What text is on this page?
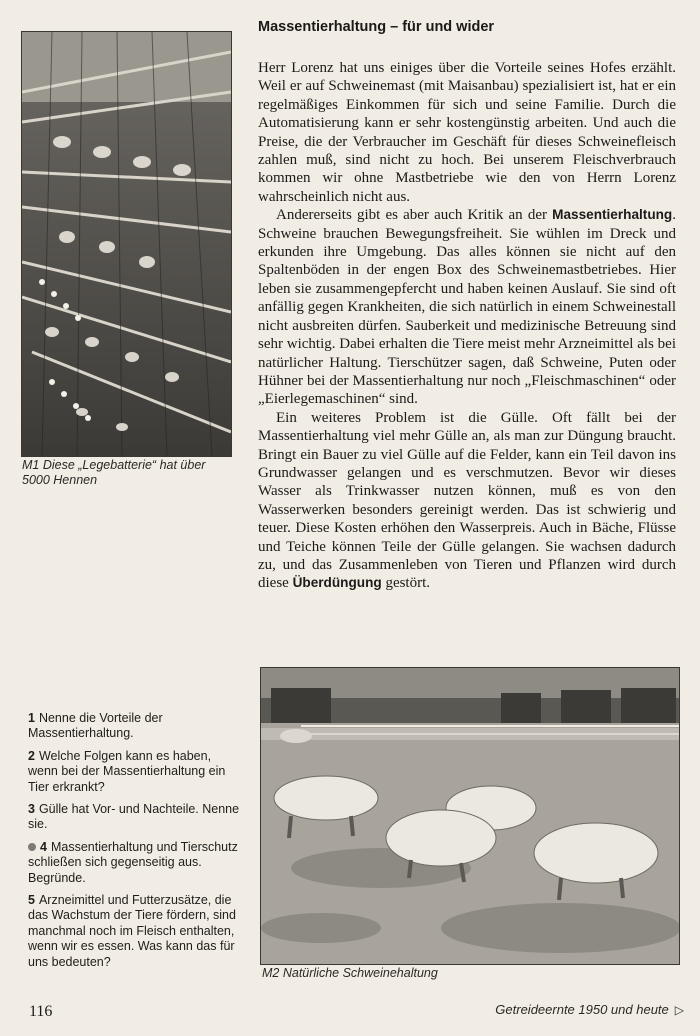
M1 Diese „Legebatterie“ hat über 5000 Hennen
Massentierhaltung – für und wider

Herr Lorenz hat uns einiges über die Vorteile seines Hofes erzählt. Weil er auf Schweinemast (mit Maisanbau) spezialisiert ist, hat er ein regelmäßiges Einkommen für sich und seine Familie. Durch die Automatisierung kann er sehr kostengünstig arbeiten. Und auch die Preise, die der Verbraucher im Geschäft für dieses Schweinefleisch zahlen muß, sind nicht zu hoch. Bei unserem Fleischverbrauch kommen wir ohne Mastbetriebe wie den von Herrn Lorenz wahrscheinlich nicht aus.

Andererseits gibt es aber auch Kritik an der Massentierhaltung. Schweine brauchen Bewegungsfreiheit. Sie wühlen im Dreck und erkunden ihre Umgebung. Das alles können sie nicht auf den Spaltenböden in der engen Box des Schweinemastbetriebes. Hier leben sie zusammengepfercht und haben keinen Auslauf. Sie sind oft anfällig gegen Krankheiten, die sich natürlich in einem Schweinestall nicht ausbreiten dürfen. Sauberkeit und medizinische Betreuung sind sehr wichtig. Dabei erhalten die Tiere meist mehr Arzneimittel als bei natürlicher Haltung. Tierschützer sagen, daß Schweine, Puten oder Hühner bei der Massentierhaltung nur noch „Fleischmaschinen“ oder „Eierlegemaschinen“ sind.

Ein weiteres Problem ist die Gülle. Oft fällt bei der Massentierhaltung viel mehr Gülle an, als man zur Düngung braucht. Bringt ein Bauer zu viel Gülle auf die Felder, kann ein Teil davon ins Grundwasser gelangen und es verschmutzen. Bevor wir dieses Wasser als Trinkwasser nutzen können, muß es von den Wasserwerken besonders gereinigt werden. Das ist schwierig und teuer. Diese Kosten erhöhen den Wasserpreis. Auch in Bäche, Flüsse und Teiche können Teile der Gülle gelangen. Sie wachsen dadurch zu, und das Zusammenleben von Tieren und Pflanzen wird durch diese Überdüngung gestört.

1 Nenne die Vorteile der Massentierhaltung.
2 Welche Folgen kann es haben, wenn bei der Massentierhaltung ein Tier erkrankt?
3 Gülle hat Vor- und Nachteile. Nenne sie.
4 Massentierhaltung und Tierschutz schließen sich gegenseitig aus. Begründe.
5 Arzneimittel und Futterzusätze, die das Wachstum der Tiere fördern, sind manchmal noch im Fleisch enthalten, wenn wir es essen. Was kann das für uns bedeuten?
M2 Natürliche Schweinehaltung
116	Getreideernte 1950 und heute ▷
